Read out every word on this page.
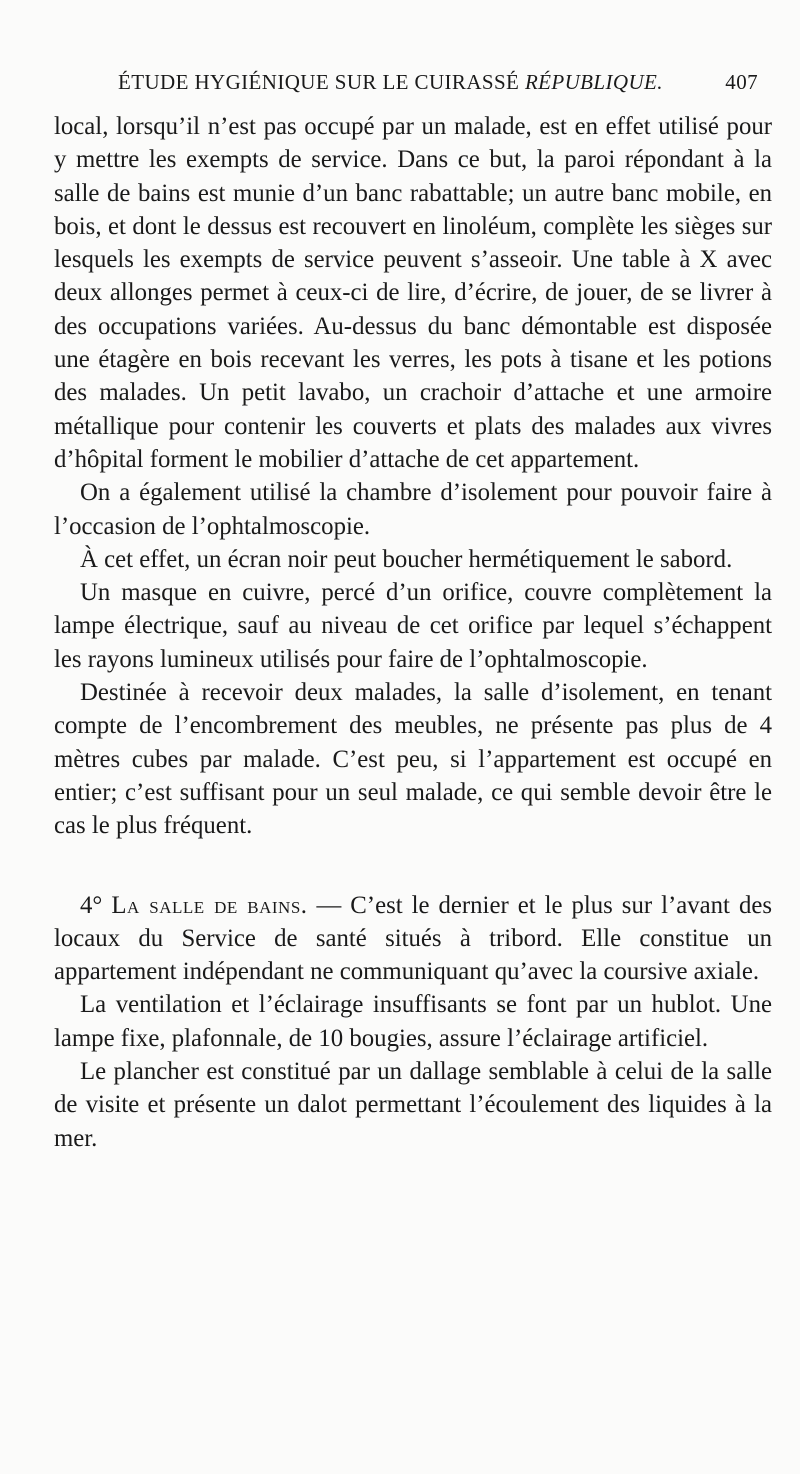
ÉTUDE HYGIÉNIQUE SUR LE CUIRASSÉ RÉPUBLIQUE.	407

local, lorsqu’il n’est pas occupé par un malade, est en effet utilisé pour y mettre les exempts de service. Dans ce but, la paroi répondant à la salle de bains est munie d’un banc rabattable; un autre banc mobile, en bois, et dont le dessus est recouvert en linoléum, complète les sièges sur lesquels les exempts de service peuvent s’asseoir. Une table à X avec deux allonges permet à ceux-ci de lire, d’écrire, de jouer, de se livrer à des occupations variées. Au-dessus du banc démontable est disposée une étagère en bois recevant les verres, les pots à tisane et les potions des malades. Un petit lavabo, un crachoir d’attache et une armoire métallique pour contenir les couverts et plats des malades aux vivres d’hôpital forment le mobilier d’attache de cet appartement.

On a également utilisé la chambre d’isolement pour pouvoir faire à l’occasion de l’ophtalmoscopie.

À cet effet, un écran noir peut boucher hermétiquement le sabord.

Un masque en cuivre, percé d’un orifice, couvre complètement la lampe électrique, sauf au niveau de cet orifice par lequel s’échappent les rayons lumineux utilisés pour faire de l’ophtalmoscopie.

Destinée à recevoir deux malades, la salle d’isolement, en tenant compte de l’encombrement des meubles, ne présente pas plus de 4 mètres cubes par malade. C’est peu, si l’appartement est occupé en entier; c’est suffisant pour un seul malade, ce qui semble devoir être le cas le plus fréquent.

4° La salle de bains. — C’est le dernier et le plus sur l’avant des locaux du Service de santé situés à tribord. Elle constitue un appartement indépendant ne communiquant qu’avec la coursive axiale.

La ventilation et l’éclairage insuffisants se font par un hublot. Une lampe fixe, plafonnale, de 10 bougies, assure l’éclairage artificiel.

Le plancher est constitué par un dallage semblable à celui de la salle de visite et présente un dalot permettant l’écoulement des liquides à la mer.
